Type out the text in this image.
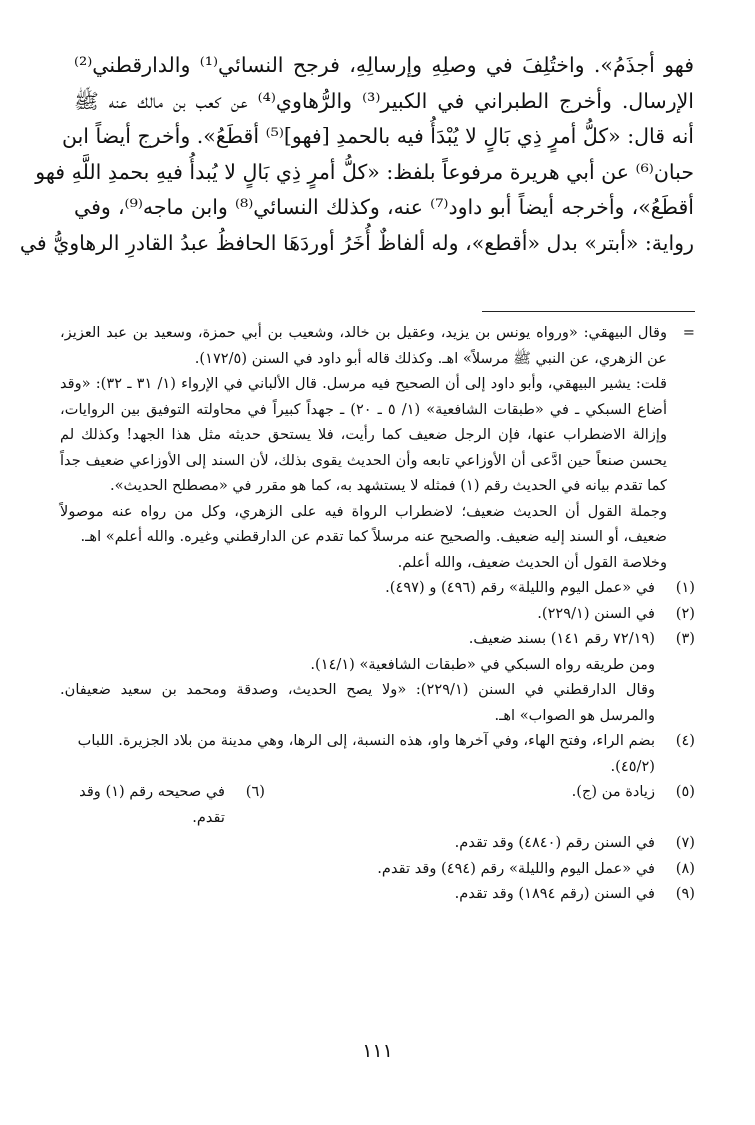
فهو أجذَمُ». واختُلِفَ في وصلِهِ وإرسالِهِ، فرجح النسائي⁽¹⁾ والدارقطني⁽²⁾
الإرسال. وأخرج الطبراني في الكبير⁽³⁾ والرُّهاوي⁽⁴⁾ عن كعب بن مالك عنه ﷺ
أنه قال: «كلُّ أمرٍ ذِي بَالٍ لا يُبْدَأُ فيه بالحمدِ [فهو]⁽⁵⁾ أقطَعُ». وأخرج أيضاً ابن
حبان⁽⁶⁾ عن أبي هريرة مرفوعاً بلفظ: «كلُّ أمرٍ ذِي بَالٍ لا يُبدأُ فيهِ بحمدِ اللَّهِ فهو
أقطَعُ»، وأخرجه أيضاً أبو داود⁽⁷⁾ عنه، وكذلك النسائي⁽⁸⁾ وابن ماجه⁽⁹⁾، وفي
رواية: «أبتر» بدل «أقطع»، وله ألفاظٌ أُخَرُ أوردَهَا الحافظُ عبدُ القادرِ الرهاويُّ في
=

وقال البيهقي: «ورواه يونس بن يزيد، وعقيل بن خالد، وشعيب بن أبي حمزة، وسعيد بن عبد العزيز، عن الزهري، عن النبي ﷺ مرسلاً» اهـ. وكذلك قاله أبو داود في السنن (١٧٢/٥).

قلت: يشير البيهقي، وأبو داود إلى أن الصحيح فيه مرسل. قال الألباني في الإرواء (١/ ٣١ ـ ٣٢): «وقد أضاع السبكي ـ في «طبقات الشافعية» (١/ ٥ ـ ٢٠) ـ جهداً كبيراً في محاولته التوفيق بين الروايات، وإزالة الاضطراب عنها، فإن الرجل ضعيف كما رأيت، فلا يستحق حديثه مثل هذا الجهد! وكذلك لم يحسن صنعاً حين ادَّعى أن الأوزاعي تابعه وأن الحديث يقوى بذلك، لأن السند إلى الأوزاعي ضعيف جداً كما تقدم بيانه في الحديث رقم (١) فمثله لا يستشهد به، كما هو مقرر في «مصطلح الحديث».

وجملة القول أن الحديث ضعيف؛ لاضطراب الرواة فيه على الزهري، وكل من رواه عنه موصولاً ضعيف، أو السند إليه ضعيف. والصحيح عنه مرسلاً كما تقدم عن الدارقطني وغيره. والله أعلم» اهـ.

وخلاصة القول أن الحديث ضعيف، والله أعلم.

(١)
في «عمل اليوم والليلة» رقم (٤٩٦) و (٤٩٧).
(٢)
في السنن (٢٢٩/١).
(٣)
(٧٢/١٩ رقم ١٤١) بسند ضعيف.

ومن طريقه رواه السبكي في «طبقات الشافعية» (١٤/١).

وقال الدارقطني في السنن (٢٢٩/١): «ولا يصح الحديث، وصدقة ومحمد بن سعيد ضعيفان. والمرسل هو الصواب» اهـ.

(٤)
بضم الراء، وفتح الهاء، وفي آخرها واو، هذه النسبة، إلى الرها، وهي مدينة من بلاد الجزيرة. اللباب (٤٥/٢).
(٥)
زيادة من (ج).
(٦)
في صحيحه رقم (١) وقد تقدم.
(٧)
في السنن رقم (٤٨٤٠) وقد تقدم.
(٨)
في «عمل اليوم والليلة» رقم (٤٩٤) وقد تقدم.
(٩)
في السنن (رقم ١٨٩٤) وقد تقدم.
١١١
